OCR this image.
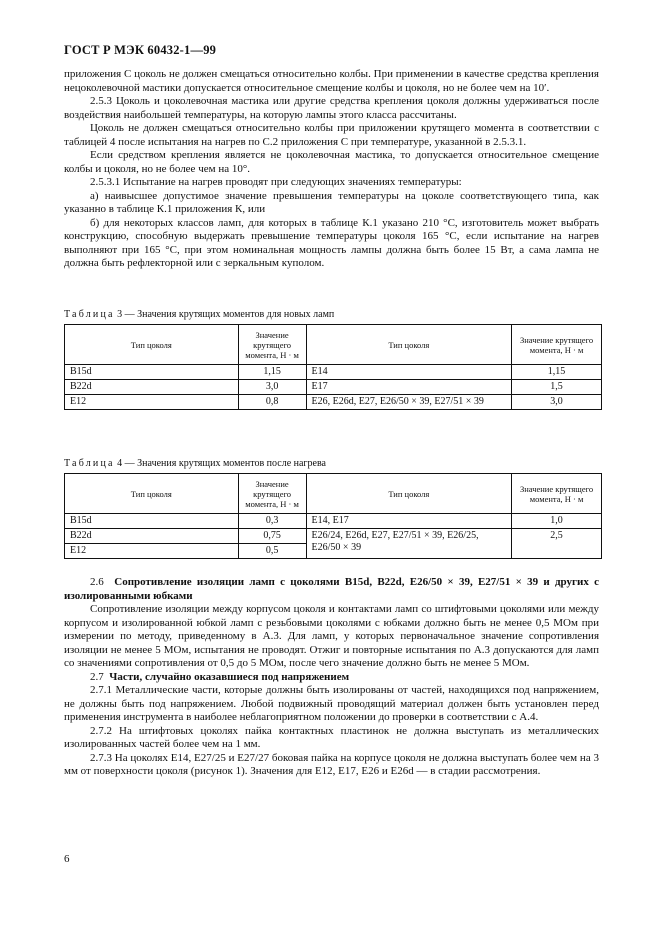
ГОСТ Р МЭК 60432-1—99

приложения С цоколь не должен смещаться относительно колбы. При применении в качестве средства крепления нецоколевочной мастики допускается относительное смещение колбы и цоколя, но не более чем на 10′.

2.5.3 Цоколь и цоколевочная мастика или другие средства крепления цоколя должны удерживаться после воздействия наибольшей температуры, на которую лампы этого класса рассчитаны.

Цоколь не должен смещаться относительно колбы при приложении крутящего момента в соответствии с таблицей 4 после испытания на нагрев по С.2 приложения С при температуре, указанной в 2.5.3.1.

Если средством крепления является не цоколевочная мастика, то допускается относительное смещение колбы и цоколя, но не более чем на 10°.

2.5.3.1 Испытание на нагрев проводят при следующих значениях температуры:

а) наивысшее допустимое значение превышения температуры на цоколе соответствующего типа, как указанно в таблице К.1 приложения К, или

б) для некоторых классов ламп, для которых в таблице К.1 указано 210 °С, изготовитель может выбрать конструкцию, способную выдержать превышение температуры цоколя 165 °С, если испытание на нагрев выполняют при 165 °С, при этом номинальная мощность лампы должна быть более 15 Вт, а сама лампа не должна быть рефлекторной или с зеркальным куполом.

Таблица 3 — Значения крутящих моментов для новых ламп
Тип цоколя	Значение крутящего момента, Н · м	Тип цоколя	Значение крутящего момента, Н · м
B15d	1,15	E14	1,15
B22d	3,0	E17	1,5
E12	0,8	E26, E26d, E27, E26/50 × 39, E27/51 × 39	3,0
Таблица 4 — Значения крутящих моментов после нагрева
Тип цоколя	Значение крутящего момента, Н · м	Тип цоколя	Значение крутящего момента, Н · м
B15d	0,3	E14, E17	1,0
B22d	0,75	E26/24, E26d, E27, E27/51 × 39, E26/25, E26/50 × 39	2,5
E12	0,5		

2.6 Сопротивление изоляции ламп с цоколями B15d, B22d, E26/50 × 39, E27/51 × 39 и других с изолированными юбками

Сопротивление изоляции между корпусом цоколя и контактами ламп со штифтовыми цоколями или между корпусом и изолированной юбкой ламп с резьбовыми цоколями с юбками должно быть не менее 0,5 МОм при измерении по методу, приведенному в А.3. Для ламп, у которых первоначальное значение сопротивления изоляции не менее 5 МОм, испытания не проводят. Отжиг и повторные испытания по А.3 допускаются для ламп со значениями сопротивления от 0,5 до 5 МОм, после чего значение должно быть не менее 5 МОм.

2.7 Части, случайно оказавшиеся под напряжением

2.7.1 Металлические части, которые должны быть изолированы от частей, находящихся под напряжением, не должны быть под напряжением. Любой подвижный проводящий материал должен быть установлен перед применения инструмента в наиболее неблагоприятном положении до проверки в соответствии с А.4.

2.7.2 На штифтовых цоколях пайка контактных пластинок не должна выступать из металлических изолированных частей более чем на 1 мм.

2.7.3 На цоколях E14, E27/25 и E27/27 боковая пайка на корпусе цоколя не должна выступать более чем на 3 мм от поверхности цоколя (рисунок 1). Значения для E12, E17, E26 и E26d — в стадии рассмотрения.

6
